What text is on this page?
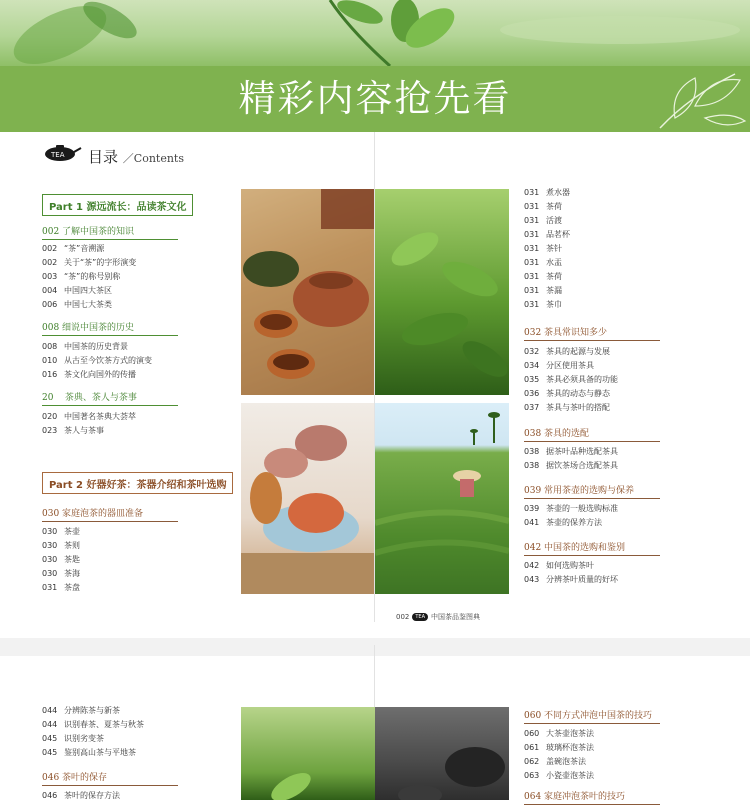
精彩内容抢先看
TEA 目录 ／Contents
Part 1 源远流长：品读茶文化
002 了解中国茶的知识
002 “茶”音溯源
002 关于“茶”的字形演变
003 “茶”的称号别称
004 中国四大茶区
006 中国七大茶类
008 细说中国茶的历史
008 中国茶的历史背景
010 从古至今饮茶方式的演变
016 茶文化向国外的传播
20    茶典、茶人与茶事
020 中国著名茶典大荟萃
023 茶人与茶事
Part 2 好器好茶：茶器介绍和茶叶选购
030 家庭泡茶的器皿准备
030 茶壶
030 茶则
030 茶匙
030 茶海
031 茶盘
031 煮水器
031 茶荷
031 活渡
031 品茗杯
031 茶针
031 水盂
031 茶荷
031 茶漏
031 茶巾
032 茶具常识知多少
032 茶具的起源与发展
034 分区使用茶具
035 茶具必须具备的功能
036 茶具的动态与静态
037 茶具与茶叶的搭配
038 茶具的选配
038 据茶叶品种选配茶具
038 据饮茶场合选配茶具
039 常用茶壶的选购与保养
039 茶壶的一般选购标准
041 茶壶的保养方法
042 中国茶的选购和鉴别
042 如何选购茶叶
043 分辨茶叶质量的好坏
002	TEA 中国茶品鉴图典
044 分辨陈茶与新茶
044 识别春茶、夏茶与秋茶
045 识别劣变茶
045 鉴别高山茶与平地茶
046 茶叶的保存
046 茶叶的保存方法
060 不同方式冲泡中国茶的技巧
060 大茶壶泡茶法
061 玻璃杯泡茶法
062 盖碗泡茶法
063 小瓷壶泡茶法
064 家庭冲泡茶叶的技巧
